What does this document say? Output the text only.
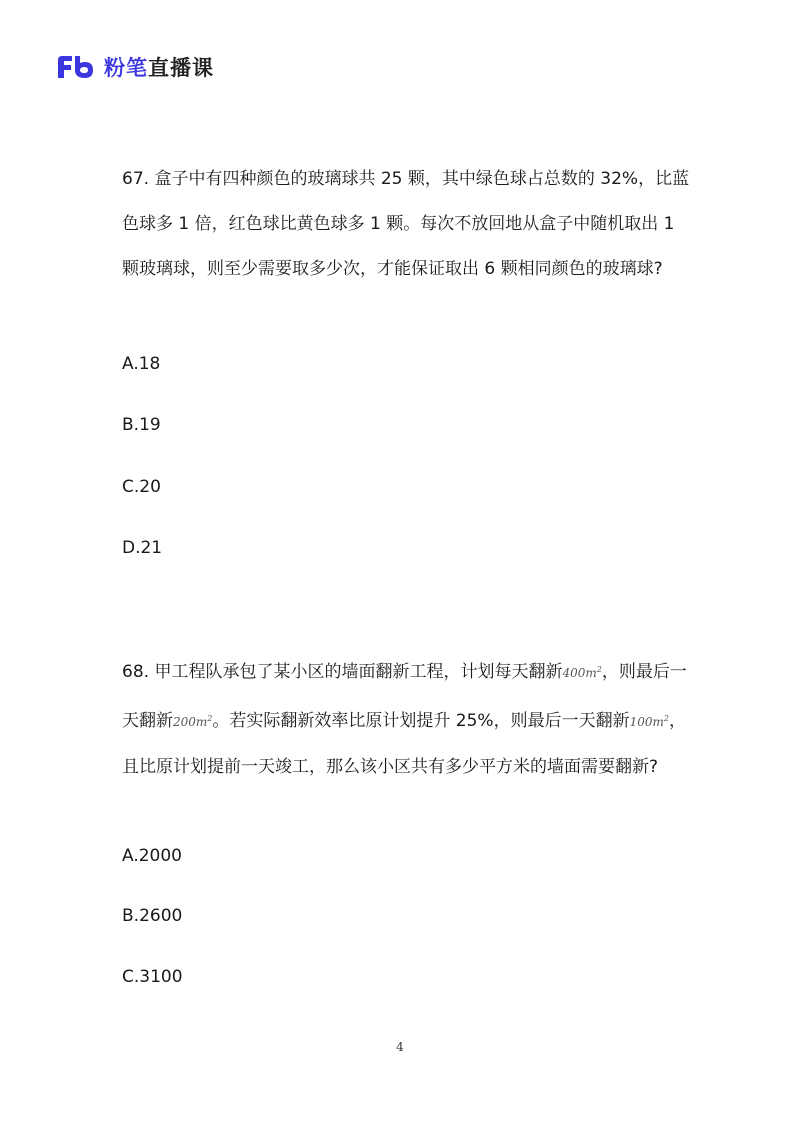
粉笔直播课

67. 盒子中有四种颜色的玻璃球共 25 颗，其中绿色球占总数的 32%，比蓝色球多 1 倍，红色球比黄色球多 1 颗。每次不放回地从盒子中随机取出 1 颗玻璃球，则至少需要取多少次，才能保证取出 6 颗相同颜色的玻璃球?

A.18
B.19
C.20
D.21

68. 甲工程队承包了某小区的墙面翻新工程，计划每天翻新$400m^2$，则最后一天翻新$200m^2$。若实际翻新效率比原计划提升 25%，则最后一天翻新$100m^2$，且比原计划提前一天竣工，那么该小区共有多少平方米的墙面需要翻新?

A.2000
B.2600
C.3100
4
